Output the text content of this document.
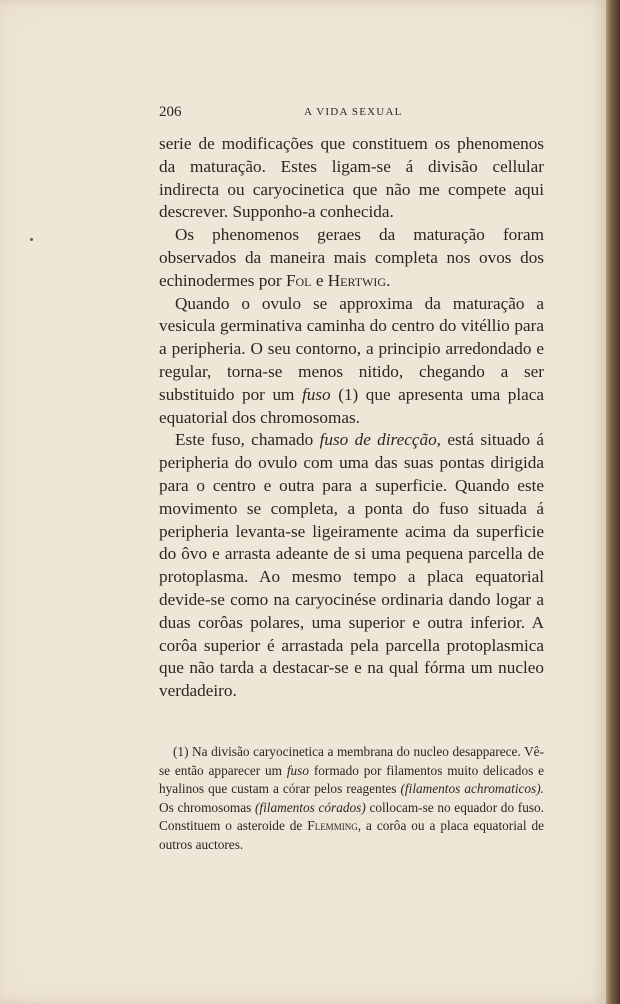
206	A VIDA SEXUAL

serie de modificações que constituem os phenomenos da maturação. Estes ligam-se á divisão cellular indirecta ou caryocinetica que não me compete aqui descrever. Supponho-a conhecida.

Os phenomenos geraes da maturação foram observados da maneira mais completa nos ovos dos echinodermes por Fol e Hertwig.

Quando o ovulo se approxima da maturação a vesicula germinativa caminha do centro do vitéllio para a peripheria. O seu contorno, a principio arredondado e regular, torna-se menos nitido, chegando a ser substituido por um fuso (1) que apresenta uma placa equatorial dos chromosomas.

Este fuso, chamado fuso de direcção, está situado á peripheria do ovulo com uma das suas pontas dirigida para o centro e outra para a superficie. Quando este movimento se completa, a ponta do fuso situada á peripheria levanta-se ligeiramente acima da superficie do ôvo e arrasta adeante de si uma pequena parcella de protoplasma. Ao mesmo tempo a placa equatorial devide-se como na caryocinése ordinaria dando logar a duas corôas polares, uma superior e outra inferior. A corôa superior é arrastada pela parcella protoplasmica que não tarda a destacar-se e na qual fórma um nucleo verdadeiro.

(1) Na divisão caryocinetica a membrana do nucleo desapparece. Vê-se então apparecer um fuso formado por filamentos muito delicados e hyalinos que custam a córar pelos reagentes (filamentos achromaticos). Os chromosomas (filamentos córados) collocam-se no equador do fuso. Constituem o asteroide de Flemming, a corôa ou a placa equatorial de outros auctores.
